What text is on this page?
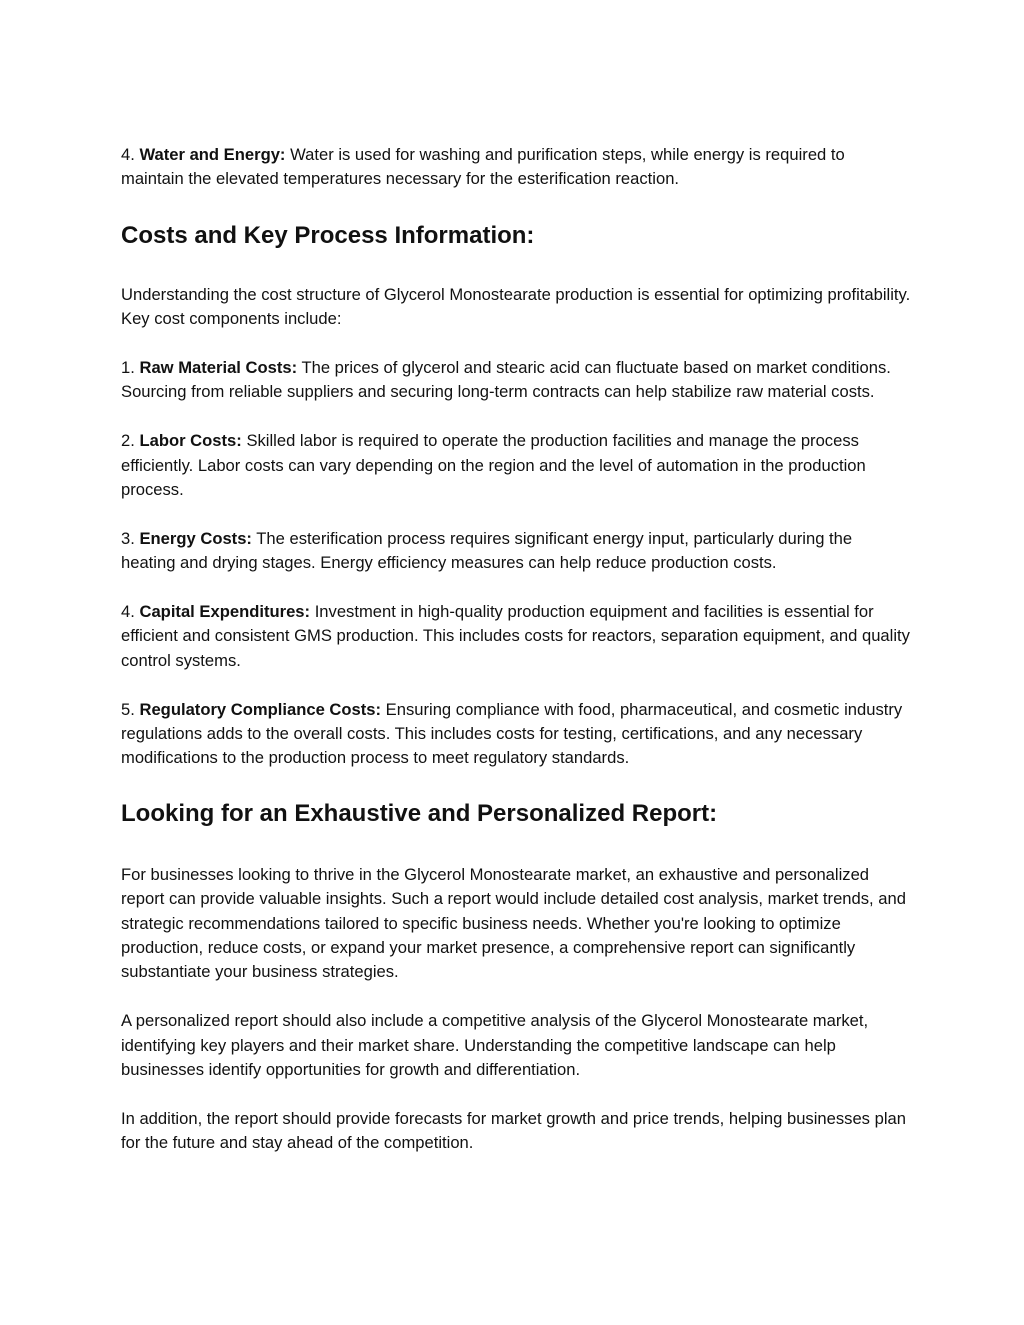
4. Water and Energy: Water is used for washing and purification steps, while energy is required to maintain the elevated temperatures necessary for the esterification reaction.

Costs and Key Process Information:

Understanding the cost structure of Glycerol Monostearate production is essential for optimizing profitability. Key cost components include:

1. Raw Material Costs: The prices of glycerol and stearic acid can fluctuate based on market conditions. Sourcing from reliable suppliers and securing long-term contracts can help stabilize raw material costs.

2. Labor Costs: Skilled labor is required to operate the production facilities and manage the process efficiently. Labor costs can vary depending on the region and the level of automation in the production process.

3. Energy Costs: The esterification process requires significant energy input, particularly during the heating and drying stages. Energy efficiency measures can help reduce production costs.

4. Capital Expenditures: Investment in high-quality production equipment and facilities is essential for efficient and consistent GMS production. This includes costs for reactors, separation equipment, and quality control systems.

5. Regulatory Compliance Costs: Ensuring compliance with food, pharmaceutical, and cosmetic industry regulations adds to the overall costs. This includes costs for testing, certifications, and any necessary modifications to the production process to meet regulatory standards.

Looking for an Exhaustive and Personalized Report:

For businesses looking to thrive in the Glycerol Monostearate market, an exhaustive and personalized report can provide valuable insights. Such a report would include detailed cost analysis, market trends, and strategic recommendations tailored to specific business needs. Whether you're looking to optimize production, reduce costs, or expand your market presence, a comprehensive report can significantly substantiate your business strategies.

A personalized report should also include a competitive analysis of the Glycerol Monostearate market, identifying key players and their market share. Understanding the competitive landscape can help businesses identify opportunities for growth and differentiation.

In addition, the report should provide forecasts for market growth and price trends, helping businesses plan for the future and stay ahead of the competition.
